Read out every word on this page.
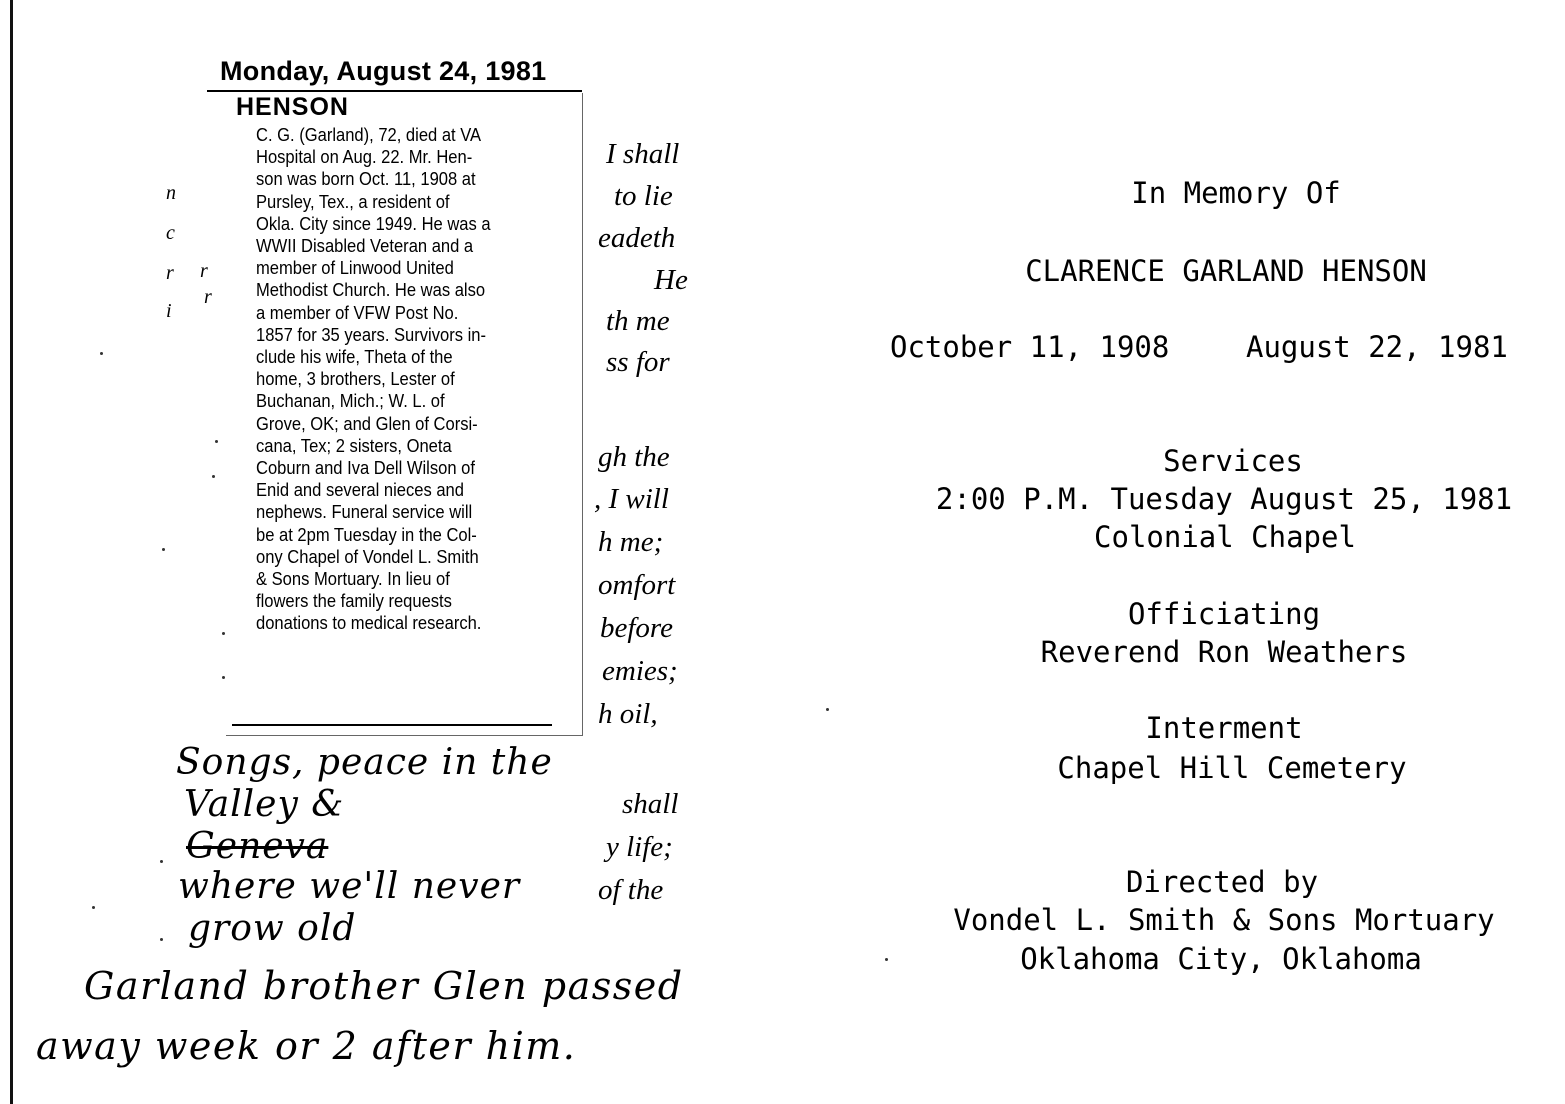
I shall
to lie
eadeth
He
th me
ss for
gh the
, I will
h me;
omfort
before
emies;
h oil,
shall
y life;
of the
n
c
r
r
i
r
Monday, August 24, 1981
HENSON
C. G. (Garland), 72, died at VA
Hospital on Aug. 22. Mr. Hen-
son was born Oct. 11, 1908 at
Pursley, Tex., a resident of
Okla. City since 1949. He was a
WWII Disabled Veteran and a
member of Linwood United
Methodist Church. He was also
a member of VFW Post No.
1857 for 35 years. Survivors in-
clude his wife, Theta of the
home, 3 brothers, Lester of
Buchanan, Mich.; W. L. of
Grove, OK; and Glen of Corsi-
cana, Tex; 2 sisters, Oneta
Coburn and Iva Dell Wilson of
Enid and several nieces and
nephews. Funeral service will
be at 2pm Tuesday in the Col-
ony Chapel of Vondel L. Smith
& Sons Mortuary. In lieu of
flowers the family requests
donations to medical research.
Songs, peace in the
Valley &
Geneva
where we'll never
grow old
Garland brother Glen passed
away week or 2 after him.
In Memory Of
CLARENCE GARLAND HENSON
October 11, 1908	August 22, 1981
Services
2:00 P.M. Tuesday August 25, 1981
Colonial Chapel
Officiating
Reverend Ron Weathers
Interment
Chapel Hill Cemetery
Directed by
Vondel L. Smith & Sons Mortuary
Oklahoma City, Oklahoma
